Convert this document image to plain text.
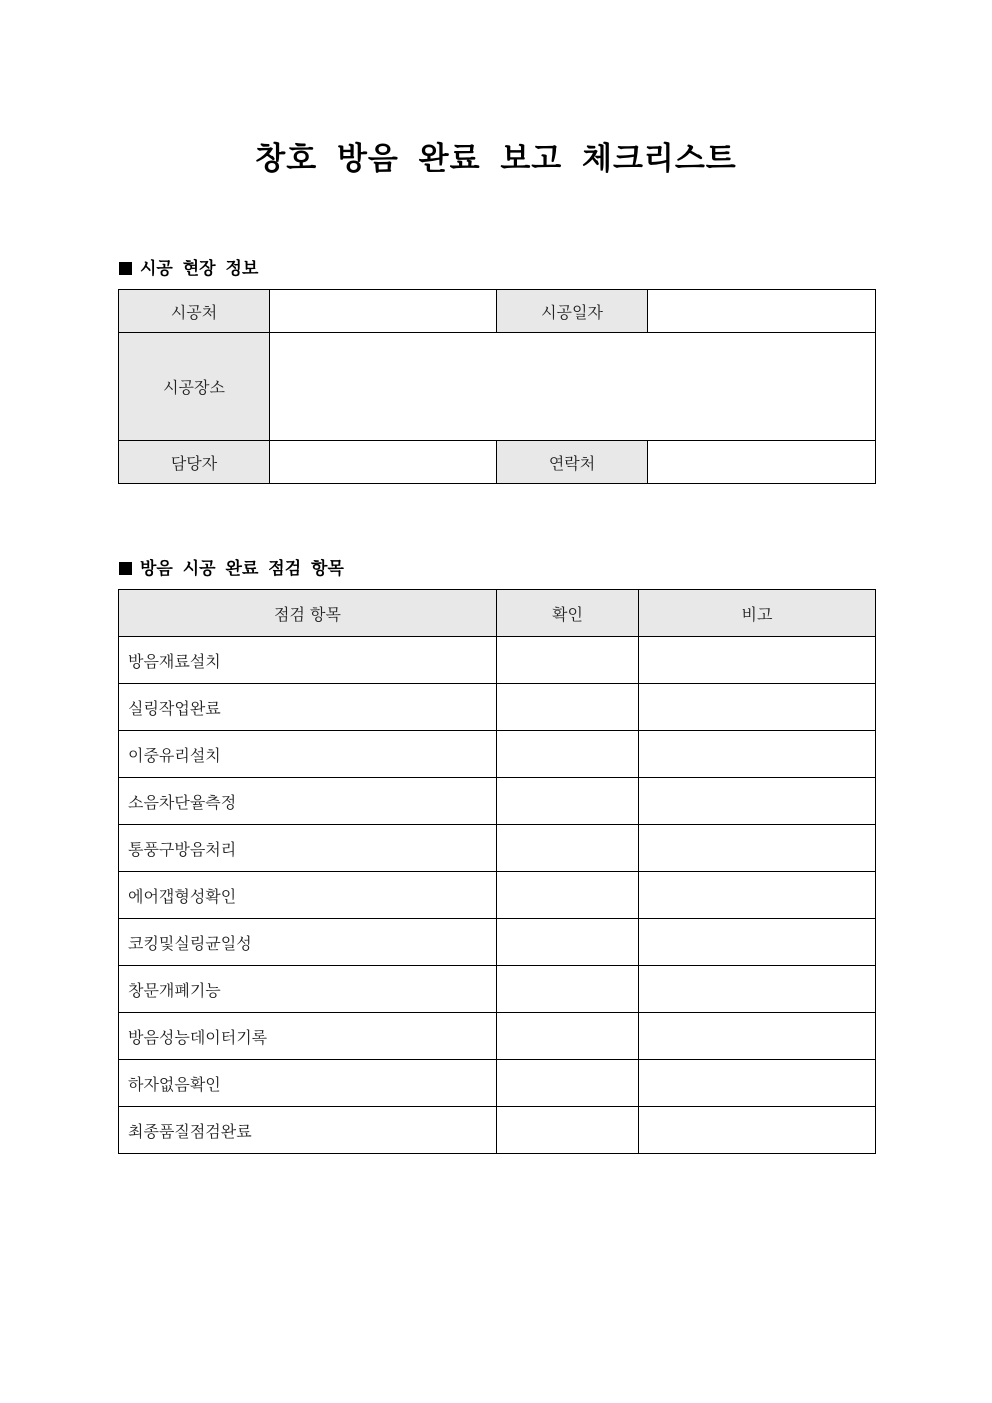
창호 방음 완료 보고 체크리스트
시공 현장 정보
시공처		시공일자	
시공장소			
담당자		연락처	
방음 시공 완료 점검 항목
점검 항목	확인	비고
방음재료설치		
실링작업완료		
이중유리설치		
소음차단율측정		
통풍구방음처리		
에어갭형성확인		
코킹및실링균일성		
창문개폐기능		
방음성능데이터기록		
하자없음확인		
최종품질점검완료		
